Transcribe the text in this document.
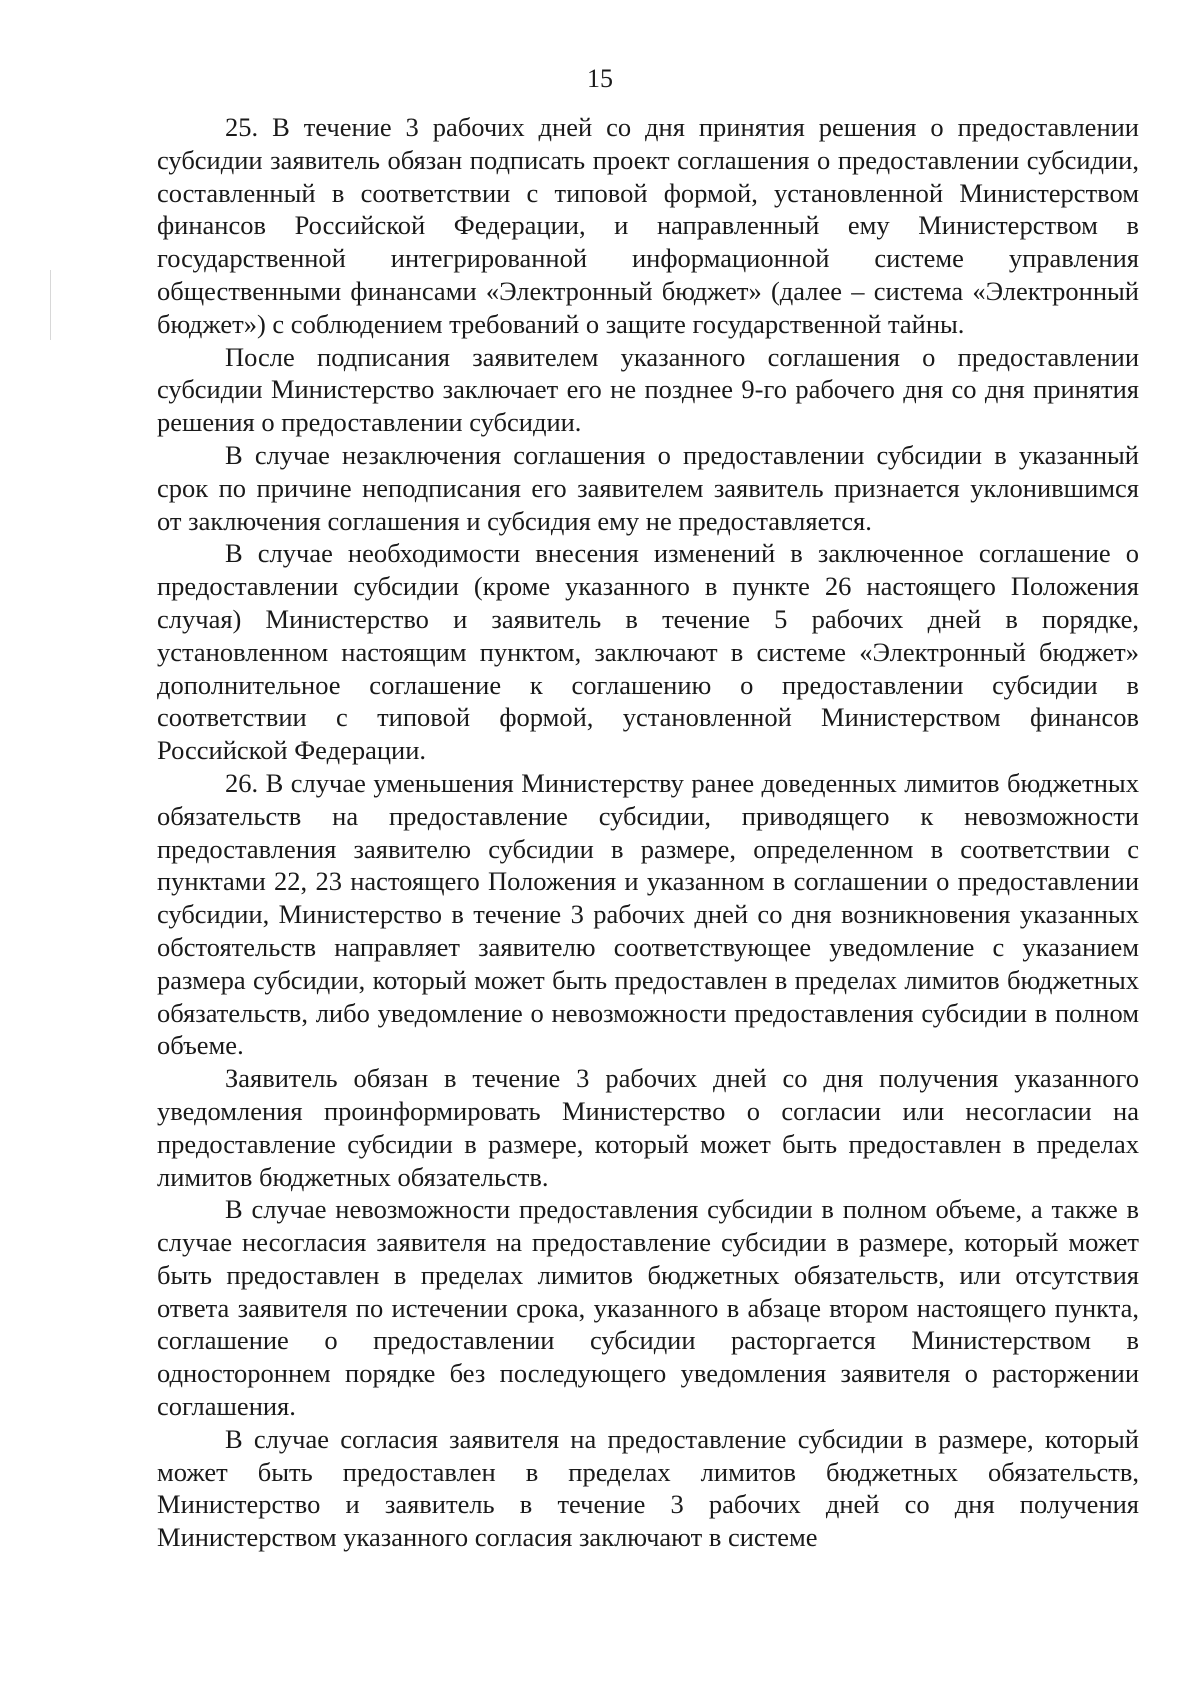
15

25. В течение 3 рабочих дней со дня принятия решения о предоставлении субсидии заявитель обязан подписать проект соглашения о предоставлении субсидии, составленный в соответствии с типовой формой, установленной Министерством финансов Российской Федерации, и направленный ему Министерством в государственной интегрированной информационной системе управления общественными финансами «Электронный бюджет» (далее – система «Электронный бюджет») с соблюдением требований о защите государственной тайны.

После подписания заявителем указанного соглашения о предоставлении субсидии Министерство заключает его не позднее 9-го рабочего дня со дня принятия решения о предоставлении субсидии.

В случае незаключения соглашения о предоставлении субсидии в указанный срок по причине неподписания его заявителем заявитель признается уклонившимся от заключения соглашения и субсидия ему не предоставляется.

В случае необходимости внесения изменений в заключенное соглашение о предоставлении субсидии (кроме указанного в пункте 26 настоящего Положения случая) Министерство и заявитель в течение 5 рабочих дней в порядке, установленном настоящим пунктом, заключают в системе «Электронный бюджет» дополнительное соглашение к соглашению о предоставлении субсидии в соответствии с типовой формой, установленной Министерством финансов Российской Федерации.

26. В случае уменьшения Министерству ранее доведенных лимитов бюджетных обязательств на предоставление субсидии, приводящего к невозможности предоставления заявителю субсидии в размере, определенном в соответствии с пунктами 22, 23 настоящего Положения и указанном в соглашении о предоставлении субсидии, Министерство в течение 3 рабочих дней со дня возникновения указанных обстоятельств направляет заявителю соответствующее уведомление с указанием размера субсидии, который может быть предоставлен в пределах лимитов бюджетных обязательств, либо уведомление о невозможности предоставления субсидии в полном объеме.

Заявитель обязан в течение 3 рабочих дней со дня получения указанного уведомления проинформировать Министерство о согласии или несогласии на предоставление субсидии в размере, который может быть предоставлен в пределах лимитов бюджетных обязательств.

В случае невозможности предоставления субсидии в полном объеме, а также в случае несогласия заявителя на предоставление субсидии в размере, который может быть предоставлен в пределах лимитов бюджетных обязательств, или отсутствия ответа заявителя по истечении срока, указанного в абзаце втором настоящего пункта, соглашение о предоставлении субсидии расторгается Министерством в одностороннем порядке без последующего уведомления заявителя о расторжении соглашения.

В случае согласия заявителя на предоставление субсидии в размере, который может быть предоставлен в пределах лимитов бюджетных обязательств, Министерство и заявитель в течение 3 рабочих дней со дня получения Министерством указанного согласия заключают в системе
